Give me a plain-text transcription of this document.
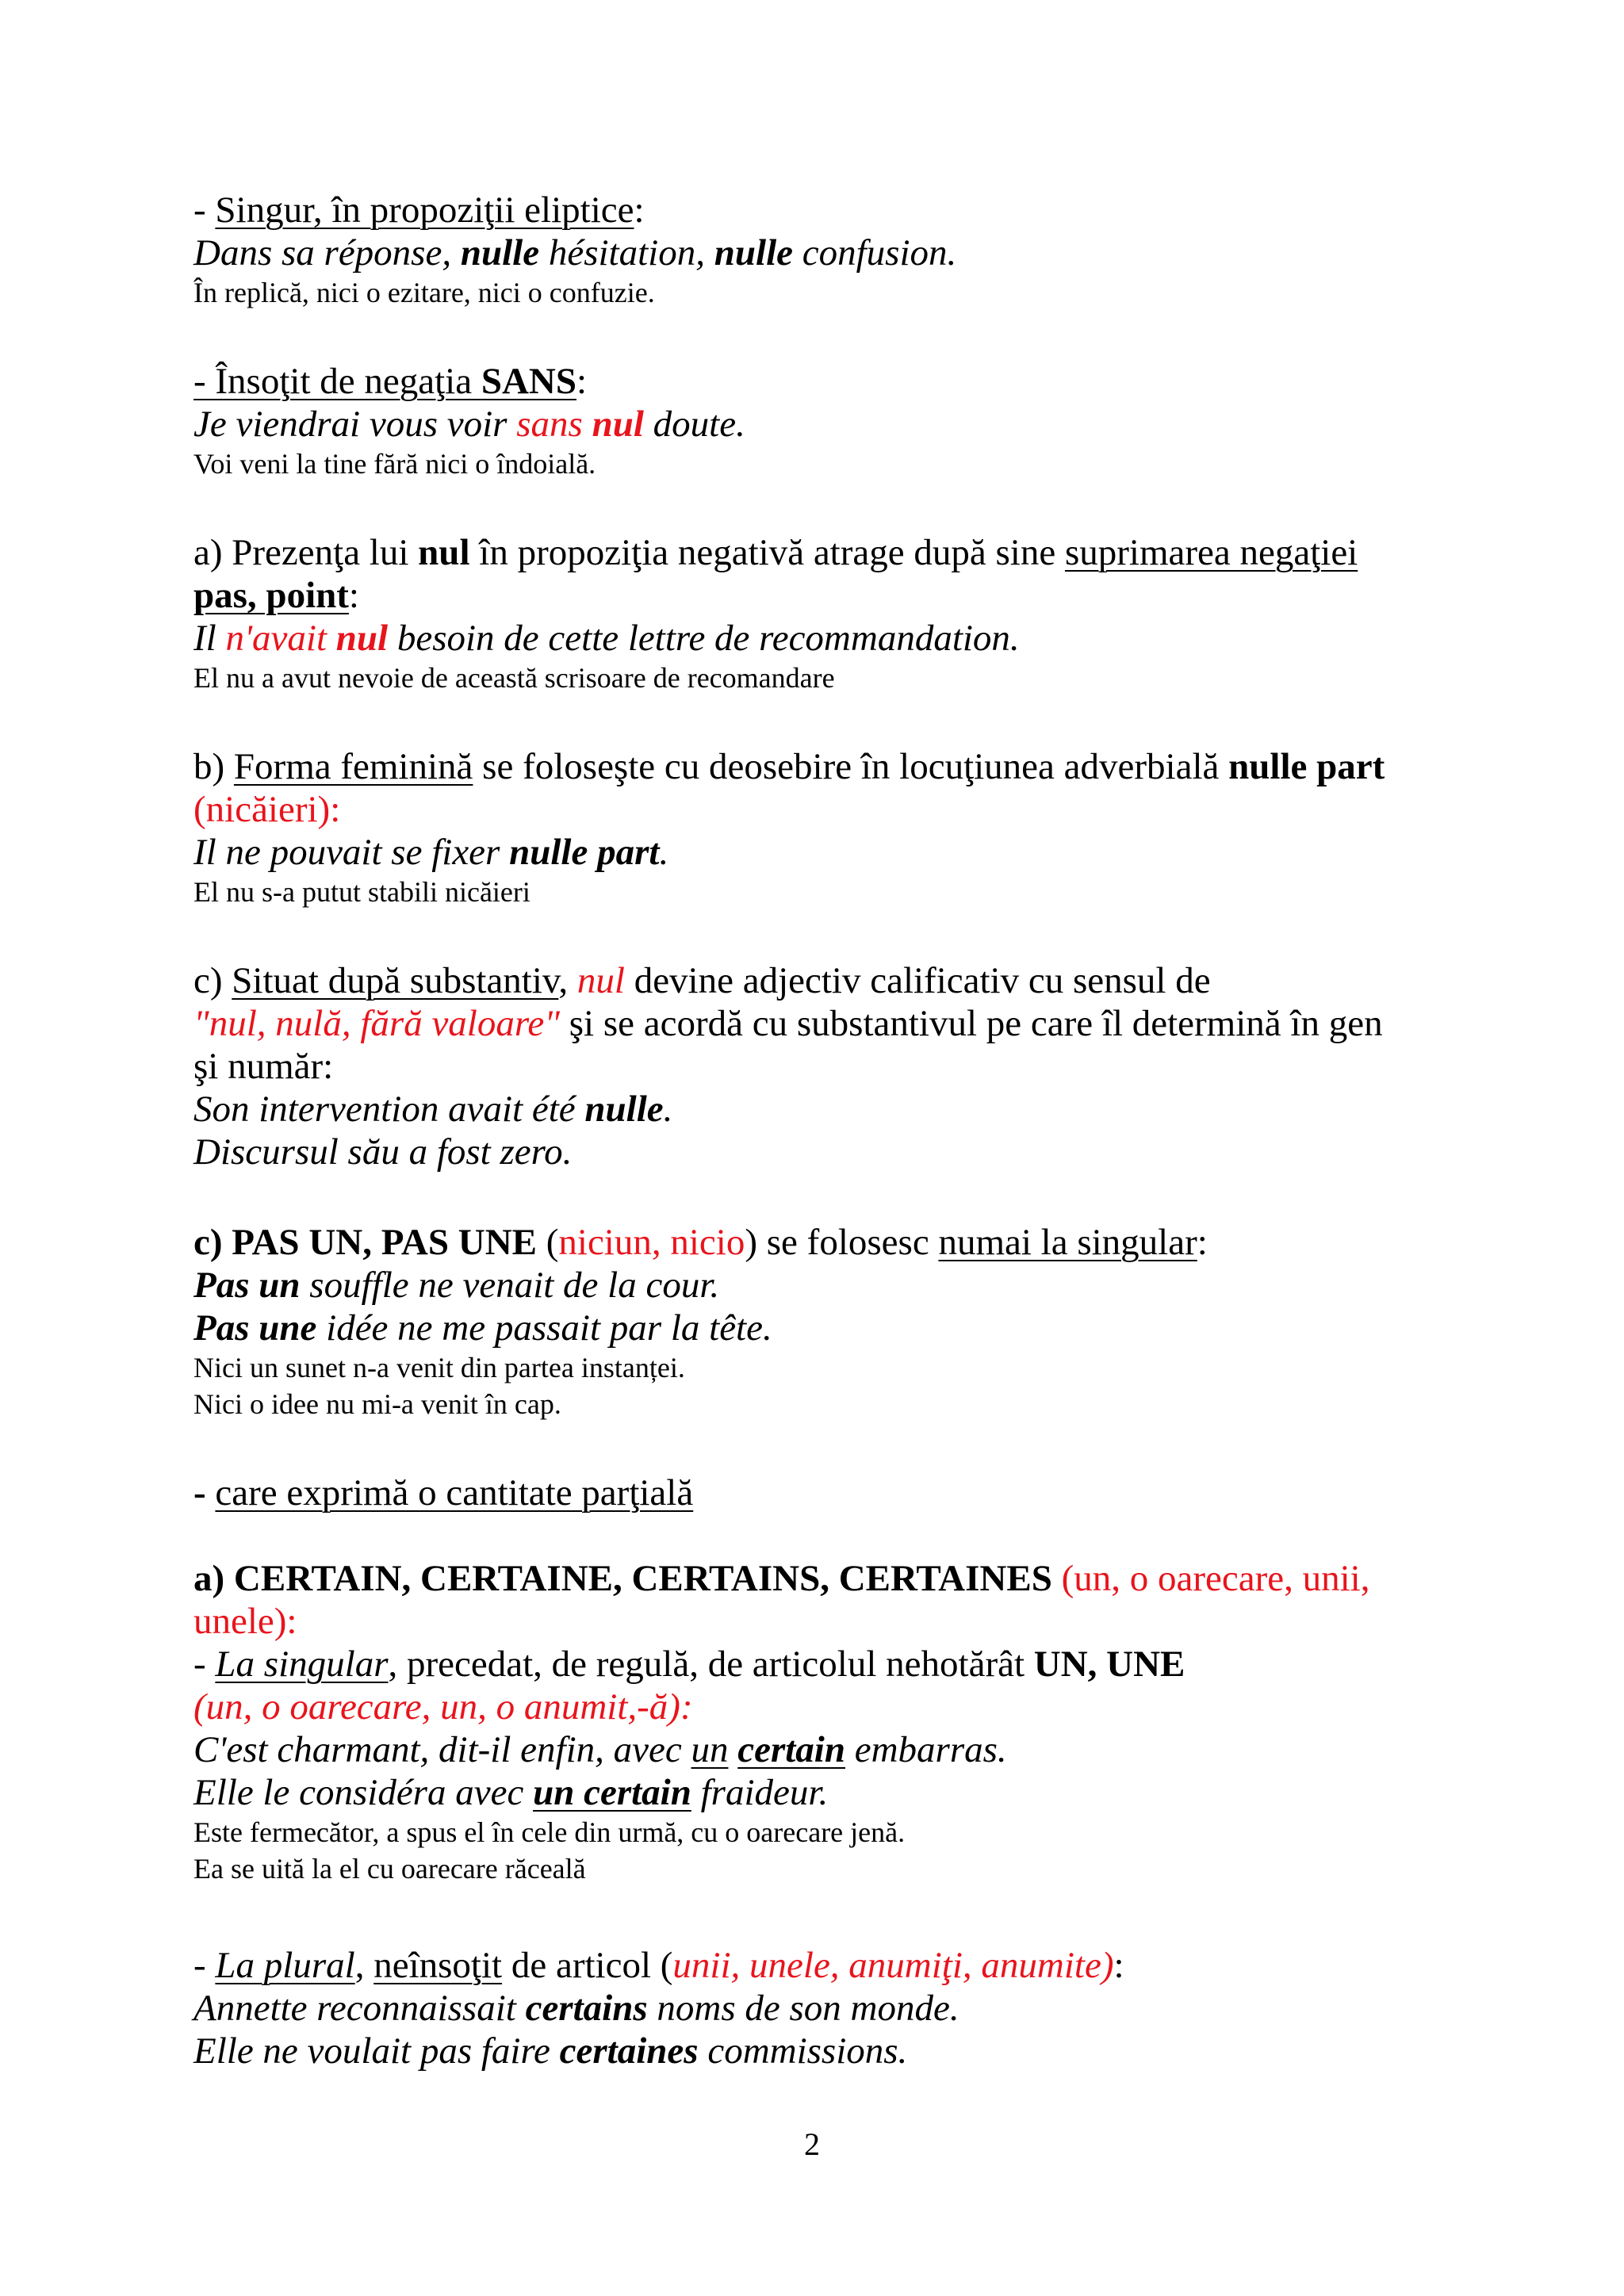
- Singur, în propoziţii eliptice:
Dans sa réponse, nulle hésitation, nulle confusion.
În replică, nici o ezitare, nici o confuzie.
- Însoţit de negaţia SANS:
Je viendrai vous voir sans nul doute.
Voi veni la tine fără nici o îndoială.
a) Prezenţa lui nul în propoziţia negativă atrage după sine suprimarea negaţiei
pas, point:
Il n'avait nul besoin de cette lettre de recommandation.
El nu a avut nevoie de această scrisoare de recomandare
b) Forma feminină se foloseşte cu deosebire în locuţiunea adverbială nulle part
(nicăieri):
Il ne pouvait se fixer nulle part.
El nu s-a putut stabili nicăieri
c) Situat după substantiv, nul devine adjectiv calificativ cu sensul de
"nul, nulă, fără valoare" şi se acordă cu substantivul pe care îl determină în gen
şi număr:
Son intervention avait été nulle.
Discursul său a fost zero.
c) PAS UN, PAS UNE (niciun, nicio) se folosesc numai la singular:
Pas un souffle ne venait de la cour.
Pas une idée ne me passait par la tête.
Nici un sunet n-a venit din partea instanței.
Nici o idee nu mi-a venit în cap.
- care exprimă o cantitate parţială
a) CERTAIN, CERTAINE, CERTAINS, CERTAINES (un, o oarecare, unii,
unele):
- La singular, precedat, de regulă, de articolul nehotărât UN, UNE
(un, o oarecare, un, o anumit,-ă):
C'est charmant, dit-il enfin, avec un certain embarras.
Elle le considéra avec un certain fraideur.
Este fermecător, a spus el în cele din urmă, cu o oarecare jenă.
Ea se uită la el cu oarecare răceală
- La plural, neînsoţit de articol (unii, unele, anumiţi, anumite):
Annette reconnaissait certains noms de son monde.
Elle ne voulait pas faire certaines commissions.
2
